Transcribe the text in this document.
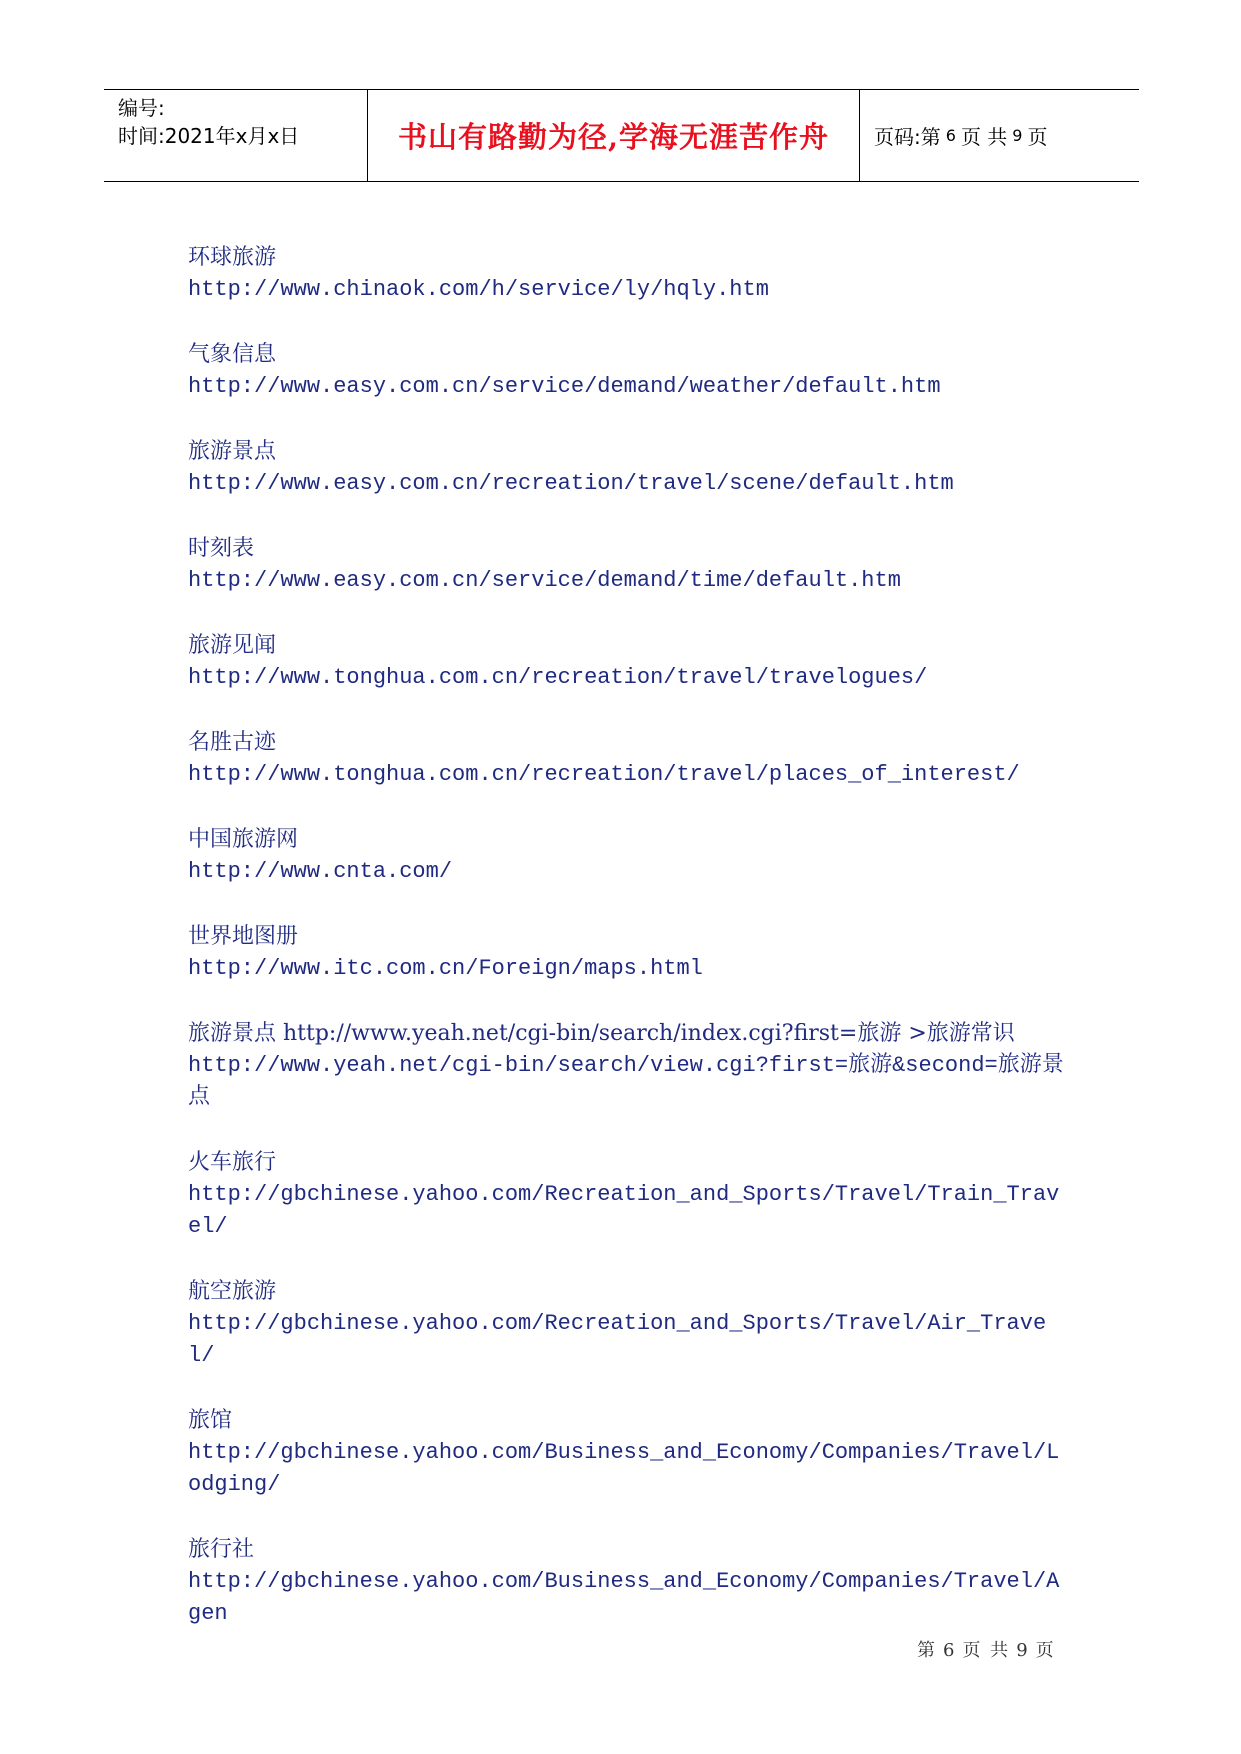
编号:
时间:2021年x月x日	书山有路勤为径,学海无涯苦作舟 页码:第 6 页 共 9 页
环球旅游
http://www.chinaok.com/h/service/ly/hqly.htm
气象信息
http://www.easy.com.cn/service/demand/weather/default.htm
旅游景点
http://www.easy.com.cn/recreation/travel/scene/default.htm
时刻表
http://www.easy.com.cn/service/demand/time/default.htm
旅游见闻
http://www.tonghua.com.cn/recreation/travel/travelogues/
名胜古迹
http://www.tonghua.com.cn/recreation/travel/places_of_interest/
中国旅游网
http://www.cnta.com/
世界地图册
http://www.itc.com.cn/Foreign/maps.html
旅游景点 http://www.yeah.net/cgi-bin/search/index.cgi?first=旅游 >旅游常识
http://www.yeah.net/cgi-bin/search/view.cgi?first=旅游&second=旅游景点
火车旅行
http://gbchinese.yahoo.com/Recreation_and_Sports/Travel/Train_Travel/
航空旅游
http://gbchinese.yahoo.com/Recreation_and_Sports/Travel/Air_Travel/
旅馆
http://gbchinese.yahoo.com/Business_and_Economy/Companies/Travel/Lodging/
旅行社
http://gbchinese.yahoo.com/Business_and_Economy/Companies/Travel/Agen
第 6 页 共 9 页
